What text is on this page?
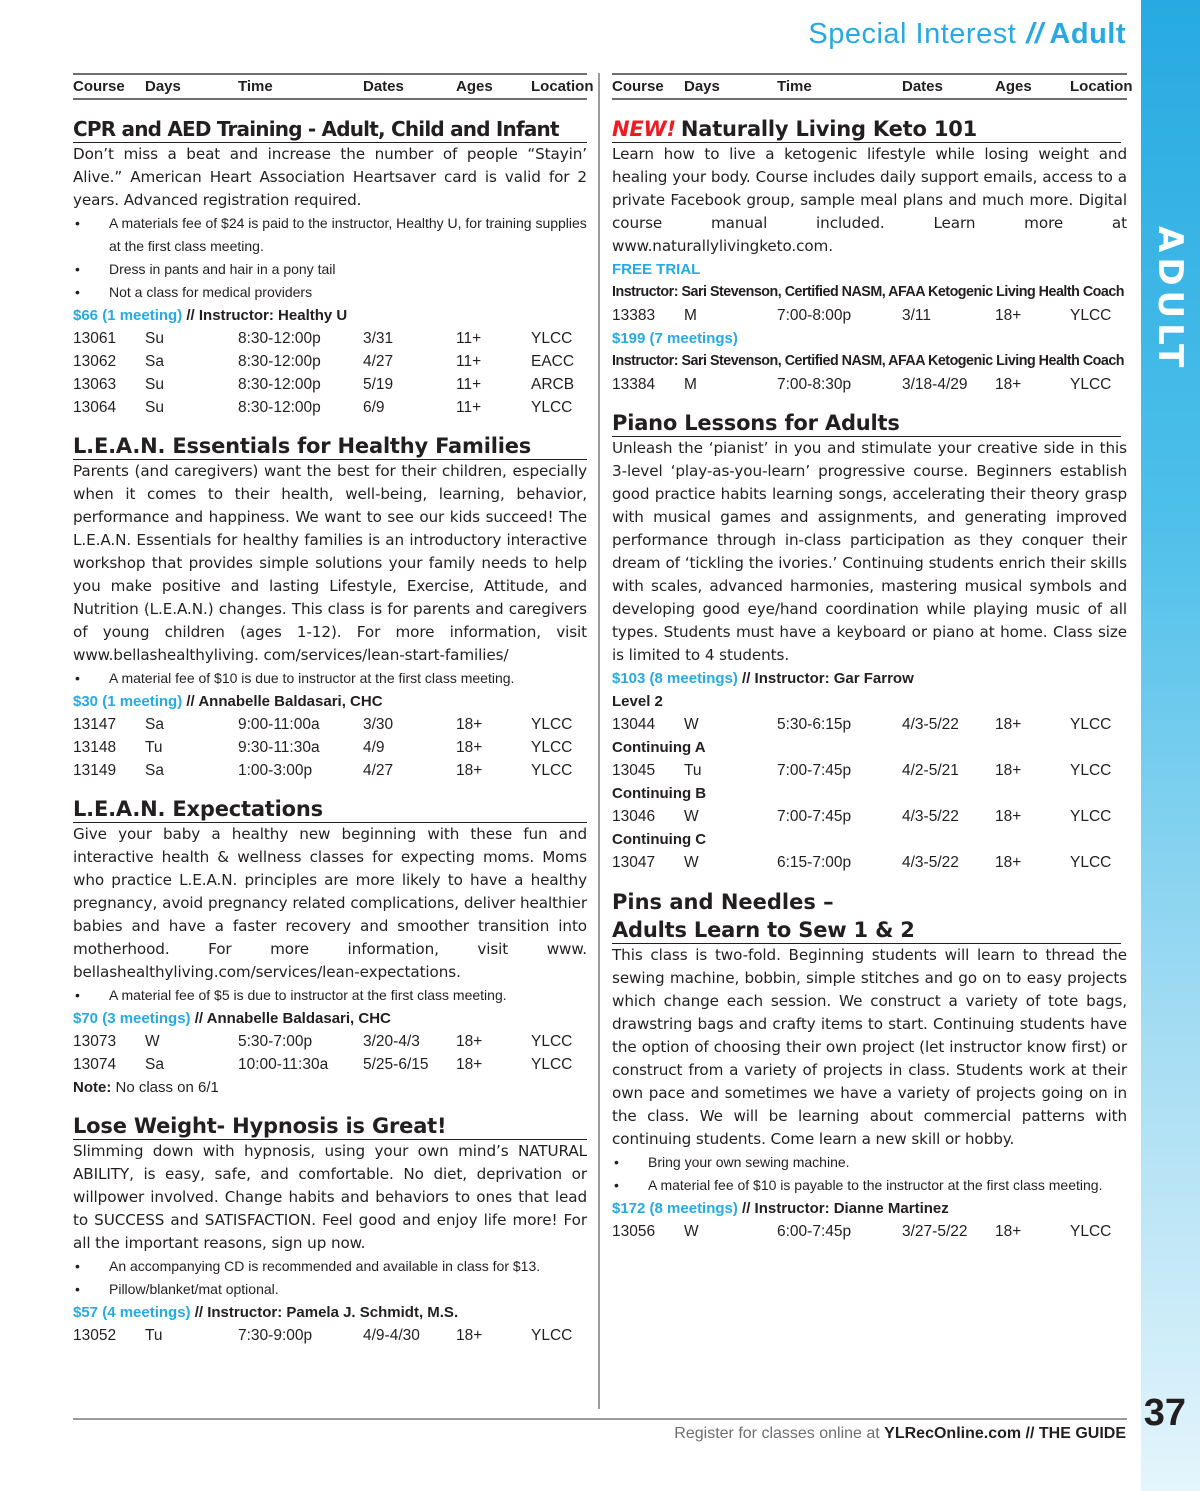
Special Interest // Adult
ADULT
Course	Days	Time	Dates	Ages	Location
CPR and AED Training - Adult, Child and Infant
Don’t miss a beat and increase the number of people “Stayin’ Alive.” American Heart Association Heartsaver card is valid for 2 years. Advanced registration required.
• A materials fee of $24 is paid to the instructor, Healthy U, for training supplies at the first class meeting.
• Dress in pants and hair in a pony tail
• Not a class for medical providers
$66 (1 meeting) // Instructor: Healthy U
13061	Su	8:30-12:00p	3/31	11+	YLCC
13062	Sa	8:30-12:00p	4/27	11+	EACC
13063	Su	8:30-12:00p	5/19	11+	ARCB
13064	Su	8:30-12:00p	6/9	11+	YLCC
L.E.A.N. Essentials for Healthy Families
Parents (and caregivers) want the best for their children, especially when it comes to their health, well-being, learning, behavior, performance and happiness. We want to see our kids succeed! The L.E.A.N. Essentials for healthy families is an introductory interactive workshop that provides simple solutions your family needs to help you make positive and lasting Lifestyle, Exercise, Attitude, and Nutrition (L.E.A.N.) changes. This class is for parents and caregivers of young children (ages 1-12). For more information, visit www.bellashealthyliving. com/services/lean-start-families/
• A material fee of $10 is due to instructor at the first class meeting.
$30 (1 meeting) // Annabelle Baldasari, CHC
13147	Sa	9:00-11:00a	3/30	18+	YLCC
13148	Tu	9:30-11:30a	4/9	18+	YLCC
13149	Sa	1:00-3:00p	4/27	18+	YLCC
L.E.A.N. Expectations
Give your baby a healthy new beginning with these fun and interactive health & wellness classes for expecting moms. Moms who practice L.E.A.N. principles are more likely to have a healthy pregnancy, avoid pregnancy related complications, deliver healthier babies and have a faster recovery and smoother transition into motherhood. For more information, visit www. bellashealthyliving.com/services/lean-expectations.
• A material fee of $5 is due to instructor at the first class meeting.
$70 (3 meetings) // Annabelle Baldasari, CHC
13073	W	5:30-7:00p	3/20-4/3	18+	YLCC
13074	Sa	10:00-11:30a	5/25-6/15	18+	YLCC
Note: No class on 6/1
Lose Weight- Hypnosis is Great!
Slimming down with hypnosis, using your own mind’s NATURAL ABILITY, is easy, safe, and comfortable. No diet, deprivation or willpower involved. Change habits and behaviors to ones that lead to SUCCESS and SATISFACTION. Feel good and enjoy life more! For all the important reasons, sign up now.
• An accompanying CD is recommended and available in class for $13.
• Pillow/blanket/mat optional.
$57 (4 meetings) // Instructor: Pamela J. Schmidt, M.S.
13052	Tu	7:30-9:00p	4/9-4/30	18+	YLCC
Course	Days	Time	Dates	Ages	Location
NEW! Naturally Living Keto 101
Learn how to live a ketogenic lifestyle while losing weight and healing your body. Course includes daily support emails, access to a private Facebook group, sample meal plans and much more. Digital course manual included. Learn more at www.naturallylivingketo.com.
FREE TRIAL
Instructor: Sari Stevenson, Certified NASM, AFAA Ketogenic Living Health Coach
13383	M	7:00-8:00p	3/11	18+	YLCC
$199 (7 meetings)
Instructor: Sari Stevenson, Certified NASM, AFAA Ketogenic Living Health Coach
13384	M	7:00-8:30p	3/18-4/29	18+	YLCC
Piano Lessons for Adults
Unleash the ‘pianist’ in you and stimulate your creative side in this 3-level ‘play-as-you-learn’ progressive course. Beginners establish good practice habits learning songs, accelerating their theory grasp with musical games and assignments, and generating improved performance through in-class participation as they conquer their dream of ‘tickling the ivories.’ Continuing students enrich their skills with scales, advanced harmonies, mastering musical symbols and developing good eye/hand coordination while playing music of all types. Students must have a keyboard or piano at home. Class size is limited to 4 students.
$103 (8 meetings) // Instructor: Gar Farrow
Level 2
13044	W	5:30-6:15p	4/3-5/22	18+	YLCC
Continuing A
13045	Tu	7:00-7:45p	4/2-5/21	18+	YLCC
Continuing B
13046	W	7:00-7:45p	4/3-5/22	18+	YLCC
Continuing C
13047	W	6:15-7:00p	4/3-5/22	18+	YLCC
Pins and Needles –
Adults Learn to Sew 1 & 2
This class is two-fold. Beginning students will learn to thread the sewing machine, bobbin, simple stitches and go on to easy projects which change each session. We construct a variety of tote bags, drawstring bags and crafty items to start. Continuing students have the option of choosing their own project (let instructor know first) or construct from a variety of projects in class. Students work at their own pace and sometimes we have a variety of projects going on in the class. We will be learning about commercial patterns with continuing students. Come learn a new skill or hobby.
• Bring your own sewing machine.
• A material fee of $10 is payable to the instructor at the first class meeting.
$172 (8 meetings) // Instructor: Dianne Martinez
13056	W	6:00-7:45p	3/27-5/22	18+	YLCC
Register for classes online at YLRecOnline.com // THE GUIDE 37
